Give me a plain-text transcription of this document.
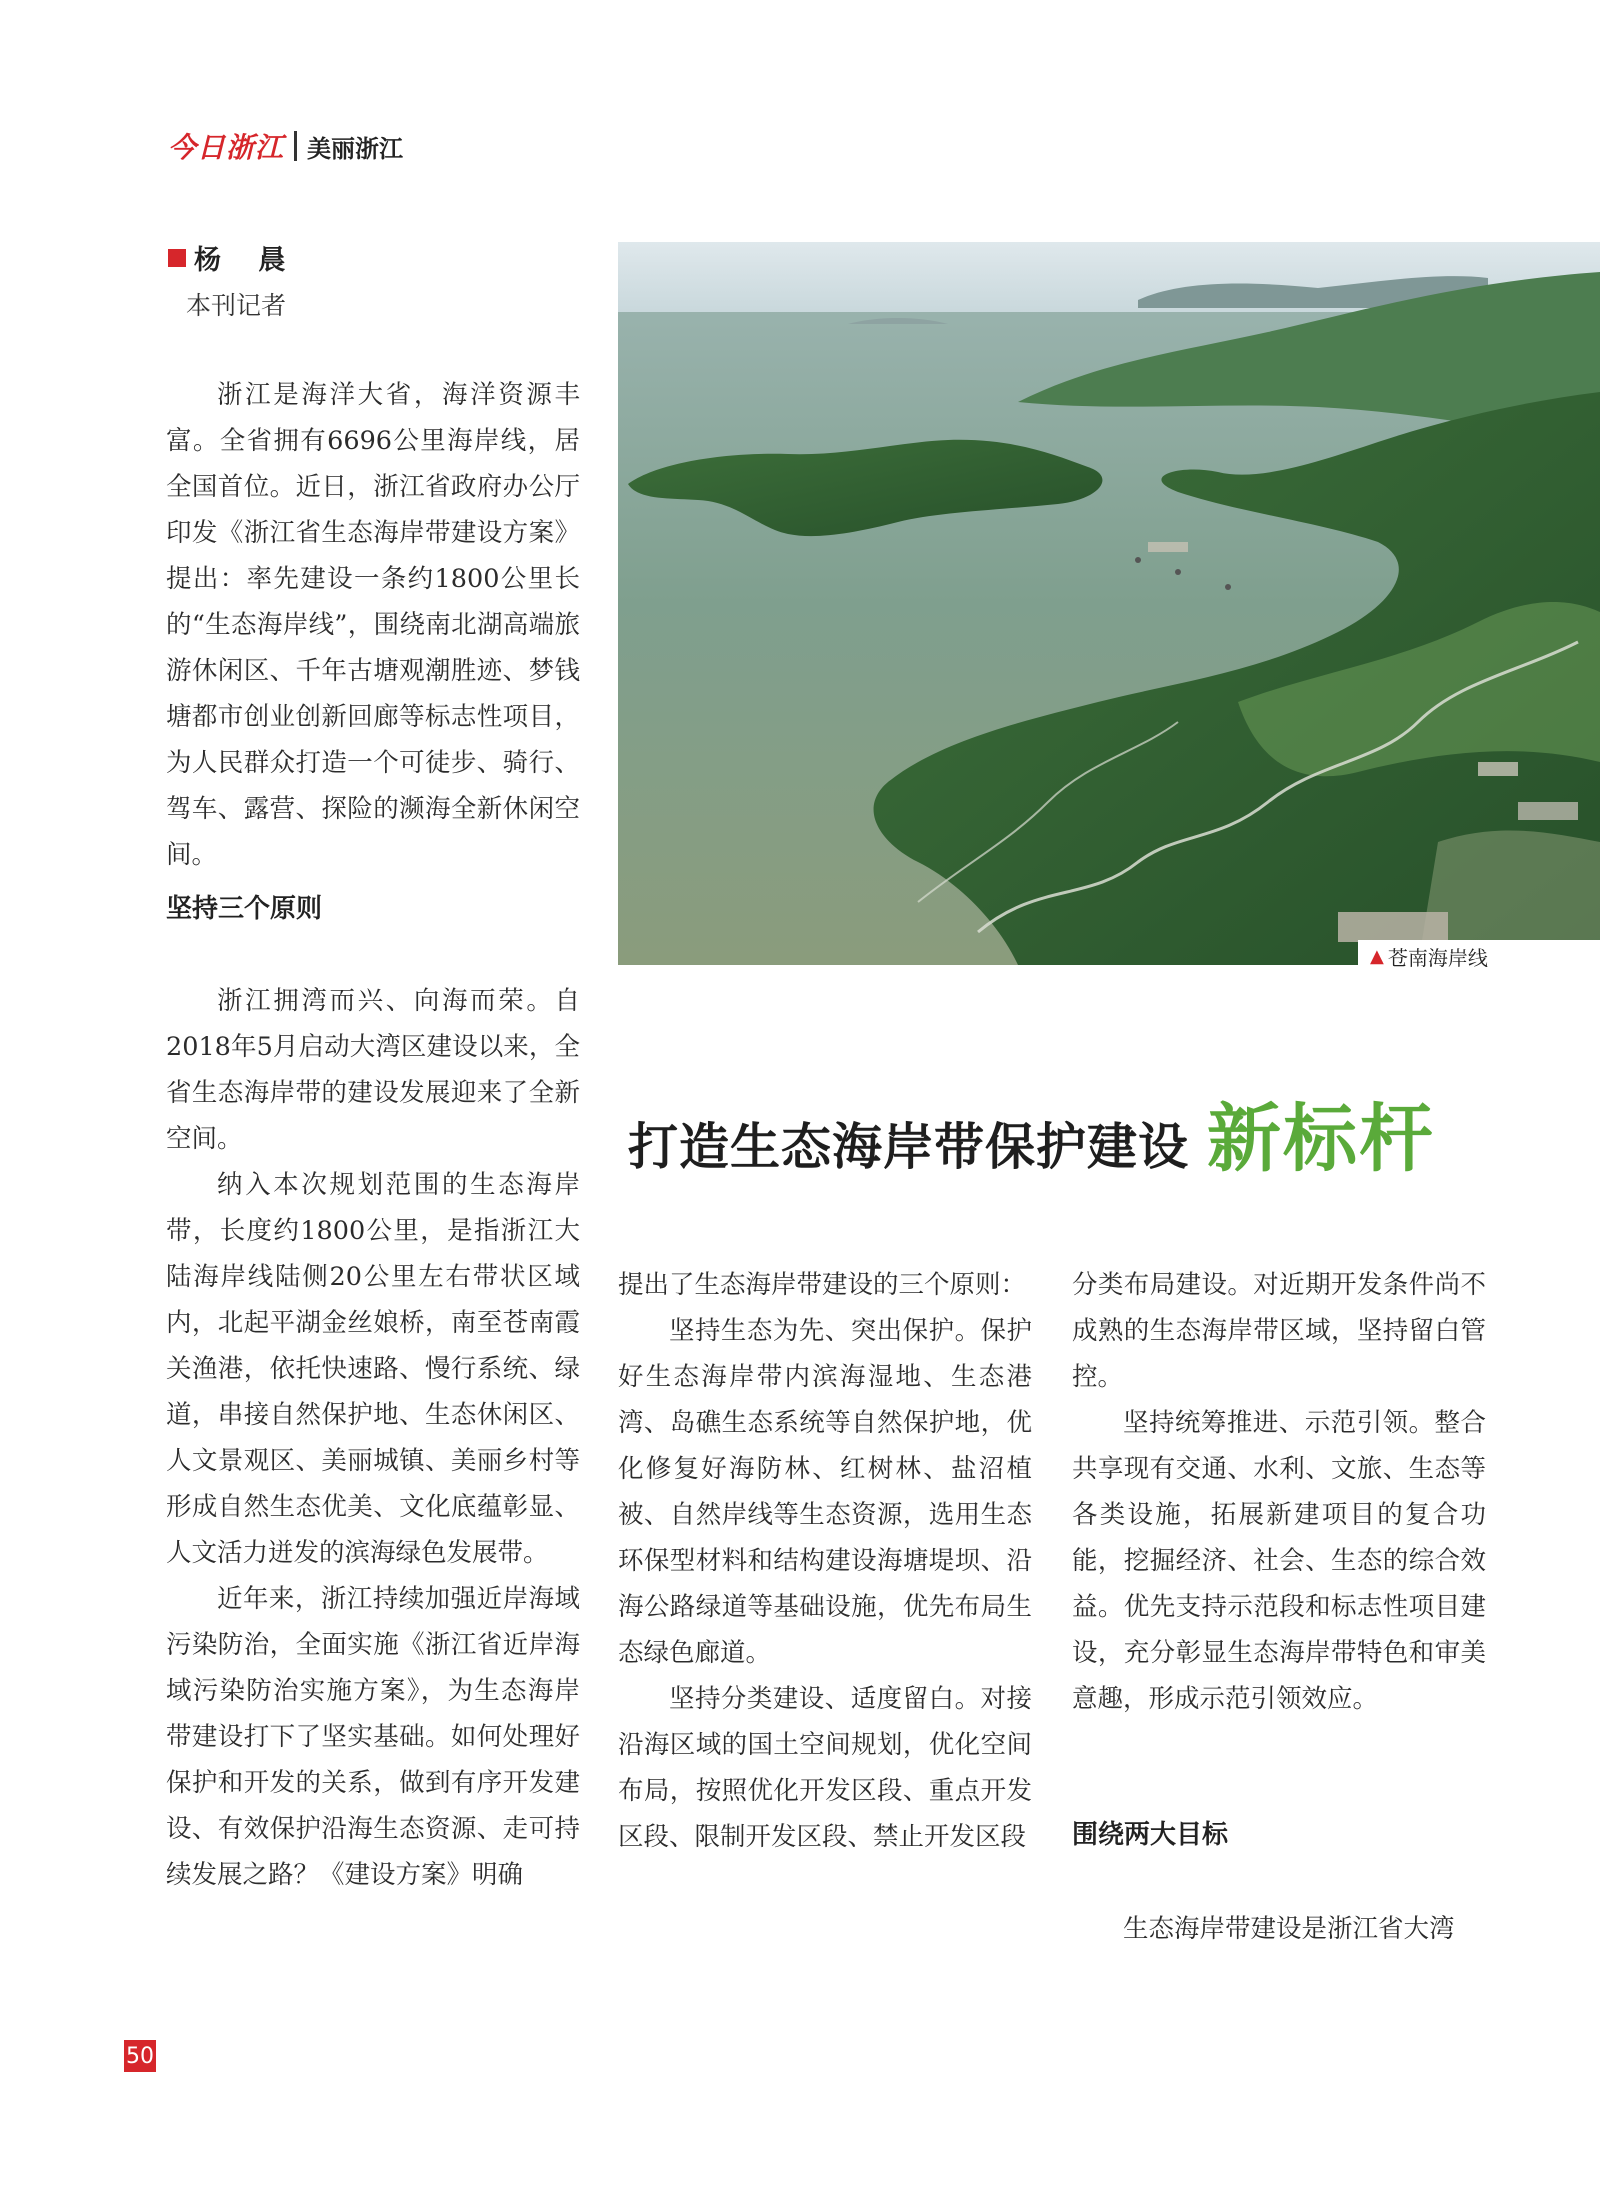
今日浙江 美丽浙江
杨 晨
本刊记者

浙江是海洋大省，海洋资源丰富。全省拥有6696公里海岸线，居全国首位。近日，浙江省政府办公厅印发《浙江省生态海岸带建设方案》提出：率先建设一条约1800公里长的“生态海岸线”，围绕南北湖高端旅游休闲区、千年古塘观潮胜迹、梦钱塘都市创业创新回廊等标志性项目，为人民群众打造一个可徒步、骑行、驾车、露营、探险的濒海全新休闲空间。

坚持三个原则

浙江拥湾而兴、向海而荣。自2018年5月启动大湾区建设以来，全省生态海岸带的建设发展迎来了全新空间。

纳入本次规划范围的生态海岸带，长度约1800公里，是指浙江大陆海岸线陆侧20公里左右带状区域内，北起平湖金丝娘桥，南至苍南霞关渔港，依托快速路、慢行系统、绿道，串接自然保护地、生态休闲区、人文景观区、美丽城镇、美丽乡村等形成自然生态优美、文化底蕴彰显、人文活力迸发的滨海绿色发展带。

近年来，浙江持续加强近岸海域污染防治，全面实施《浙江省近岸海域污染防治实施方案》，为生态海岸带建设打下了坚实基础。如何处理好保护和开发的关系，做到有序开发建设、有效保护沿海生态资源、走可持续发展之路？《建设方案》明确

▲ 苍南海岸线
打造生态海岸带保护建设 新标杆

提出了生态海岸带建设的三个原则：

坚持生态为先、突出保护。保护好生态海岸带内滨海湿地、生态港湾、岛礁生态系统等自然保护地，优化修复好海防林、红树林、盐沼植被、自然岸线等生态资源，选用生态环保型材料和结构建设海塘堤坝、沿海公路绿道等基础设施，优先布局生态绿色廊道。

坚持分类建设、适度留白。对接沿海区域的国土空间规划，优化空间布局，按照优化开发区段、重点开发区段、限制开发区段、禁止开发区段

分类布局建设。对近期开发条件尚不成熟的生态海岸带区域，坚持留白管控。

坚持统筹推进、示范引领。整合共享现有交通、水利、文旅、生态等各类设施，拓展新建项目的复合功能，挖掘经济、社会、生态的综合效益。优先支持示范段和标志性项目建设，充分彰显生态海岸带特色和审美意趣，形成示范引领效应。

围绕两大目标

生态海岸带建设是浙江省大湾

50
